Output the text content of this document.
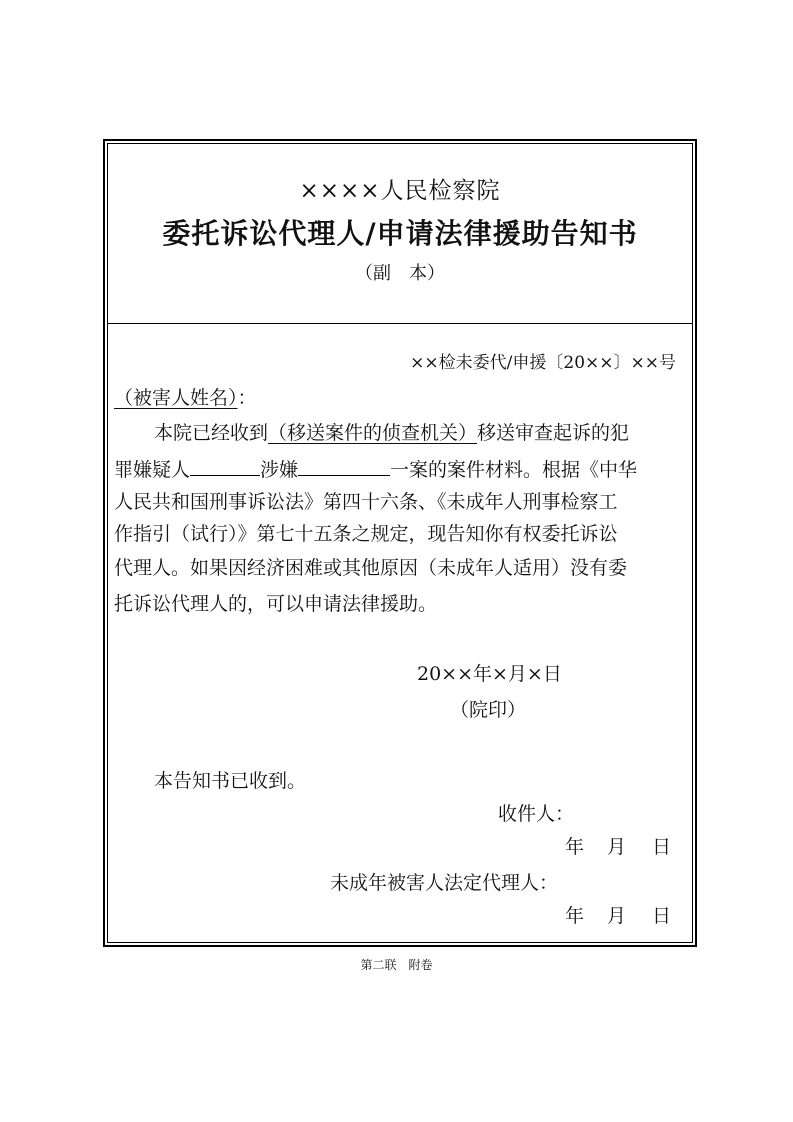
××××人民检察院
委托诉讼代理人/申请法律援助告知书
（副　本）
××检未委代/申援〔20××〕××号
（被害人姓名）：
本院已经收到（移送案件的侦查机关）移送审查起诉的犯
罪嫌疑人	涉嫌	一案的案件材料。根据《中华
人民共和国刑事诉讼法》第四十六条、《未成年人刑事检察工
作指引（试行）》第七十五条之规定，现告知你有权委托诉讼
代理人。如果因经济困难或其他原因（未成年人适用）没有委
托诉讼代理人的，可以申请法律援助。
20××年×月×日
（院印）
本告知书已收到。
收件人：
年 月 日
未成年被害人法定代理人：
年 月 日
第二联　附卷
